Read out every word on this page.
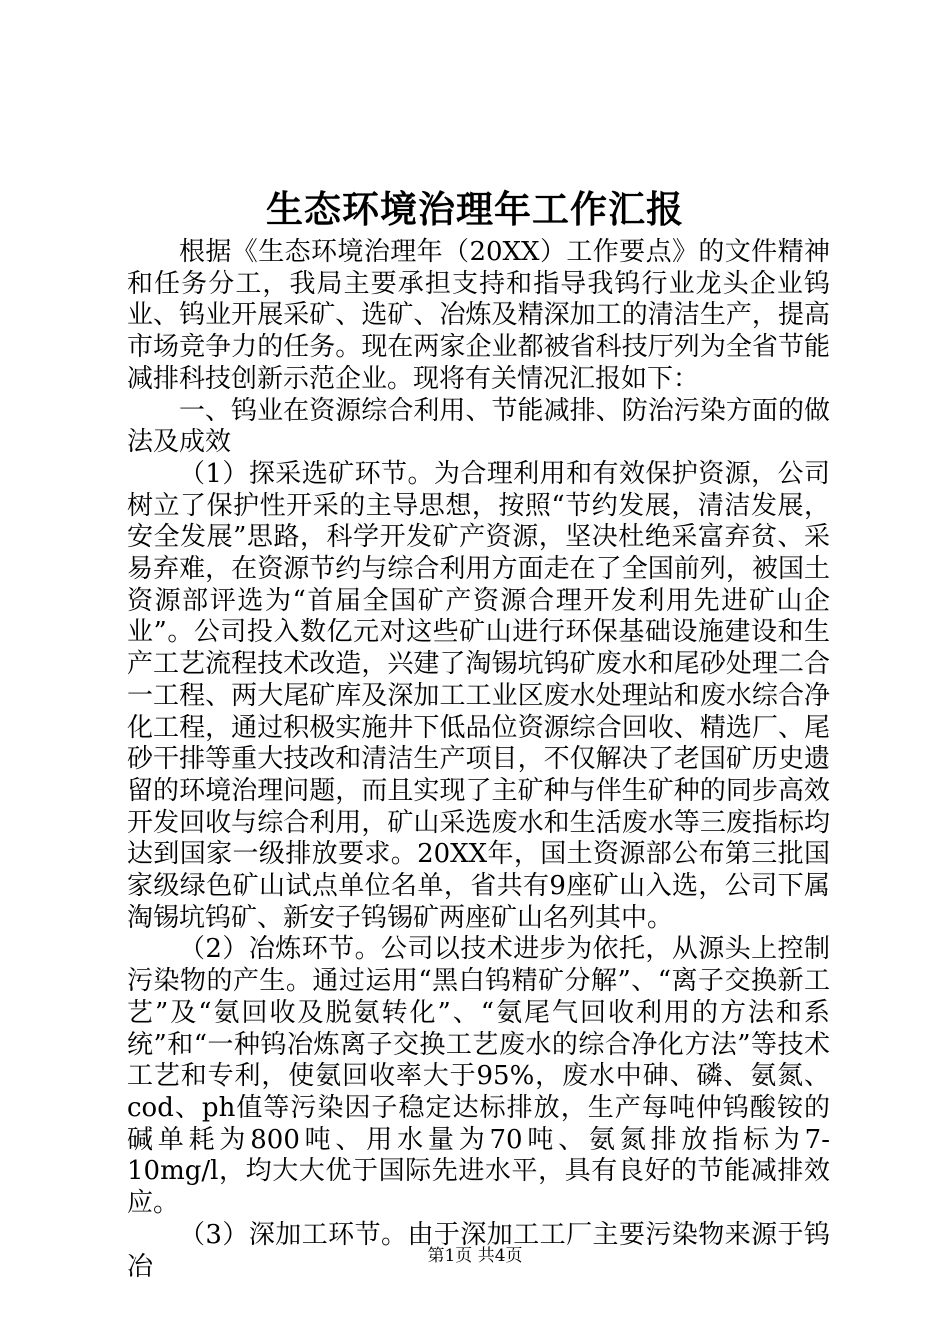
生态环境治理年工作汇报

根据《生态环境治理年（20XX）工作要点》的文件精神和任务分工，我局主要承担支持和指导我钨行业龙头企业钨业、钨业开展采矿、选矿、冶炼及精深加工的清洁生产，提高市场竞争力的任务。现在两家企业都被省科技厅列为全省节能减排科技创新示范企业。现将有关情况汇报如下：

一、钨业在资源综合利用、节能减排、防治污染方面的做法及成效

（1）探采选矿环节。为合理利用和有效保护资源，公司树立了保护性开采的主导思想，按照“节约发展，清洁发展，安全发展”思路，科学开发矿产资源，坚决杜绝采富弃贫、采易弃难，在资源节约与综合利用方面走在了全国前列，被国土资源部评选为“首届全国矿产资源合理开发利用先进矿山企业”。公司投入数亿元对这些矿山进行环保基础设施建设和生产工艺流程技术改造，兴建了淘锡坑钨矿废水和尾砂处理二合一工程、两大尾矿库及深加工工业区废水处理站和废水综合净化工程，通过积极实施井下低品位资源综合回收、精选厂、尾砂干排等重大技改和清洁生产项目，不仅解决了老国矿历史遗留的环境治理问题，而且实现了主矿种与伴生矿种的同步高效开发回收与综合利用，矿山采选废水和生活废水等三废指标均达到国家一级排放要求。20XX年，国土资源部公布第三批国家级绿色矿山试点单位名单，省共有9座矿山入选，公司下属淘锡坑钨矿、新安子钨锡矿两座矿山名列其中。

（2）冶炼环节。公司以技术进步为依托，从源头上控制污染物的产生。通过运用“黑白钨精矿分解”、“离子交换新工艺”及“氨回收及脱氨转化”、“氨尾气回收利用的方法和系统”和“一种钨冶炼离子交换工艺废水的综合净化方法”等技术工艺和专利，使氨回收率大于95%，废水中砷、磷、氨氮、cod、ph值等污染因子稳定达标排放，生产每吨仲钨酸铵的碱单耗为800吨、用水量为70吨、氨氮排放指标为7-10mg/l，均大大优于国际先进水平，具有良好的节能减排效应。

（3）深加工环节。由于深加工工厂主要污染物来源于钨冶	第1页 共4页
